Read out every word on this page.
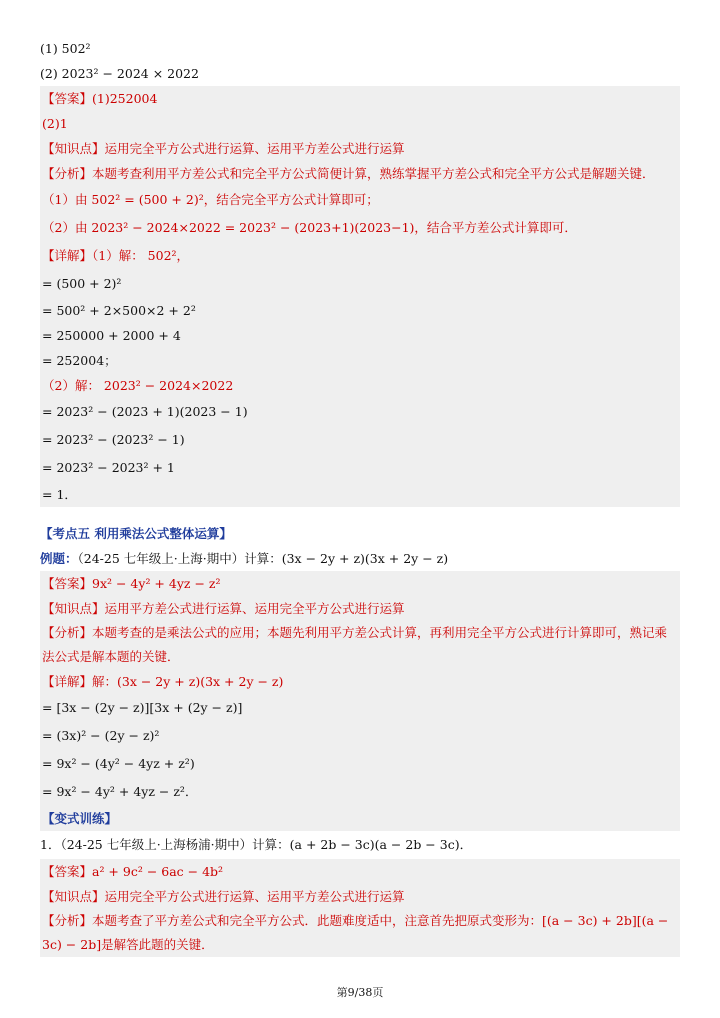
(1) 502²
(2) 2023² − 2024 × 2022
【答案】(1)252004
(2)1
【知识点】运用完全平方公式进行运算、运用平方差公式进行运算
【分析】本题考查利用平方差公式和完全平方公式简便计算，熟练掌握平方差公式和完全平方公式是解题关键．
（1）由 502² = (500 + 2)²，结合完全平方公式计算即可；
（2）由 2023² − 2024×2022 = 2023² − (2023+1)(2023−1)，结合平方差公式计算即可．
【详解】（1）解： 502²，
= (500 + 2)²
= 500² + 2×500×2 + 2²
= 250000 + 2000 + 4
= 252004；
（2）解： 2023² − 2024×2022
= 2023² − (2023 + 1)(2023 − 1)
= 2023² − (2023² − 1)
= 2023² − 2023² + 1
= 1．
【考点五 利用乘法公式整体运算】
例题：（24-25 七年级上·上海·期中）计算：(3x − 2y + z)(3x + 2y − z)
【答案】9x² − 4y² + 4yz − z²
【知识点】运用平方差公式进行运算、运用完全平方公式进行运算
【分析】本题考查的是乘法公式的应用；本题先利用平方差公式计算，再利用完全平方公式进行计算即可，熟记乘法公式是解本题的关键．
【详解】解：(3x − 2y + z)(3x + 2y − z)
= [3x − (2y − z)][3x + (2y − z)]
= (3x)² − (2y − z)²
= 9x² − (4y² − 4yz + z²)
= 9x² − 4y² + 4yz − z²．
【变式训练】
1．（24-25 七年级上·上海杨浦·期中）计算：(a + 2b − 3c)(a − 2b − 3c)．
【答案】a² + 9c² − 6ac − 4b²
【知识点】运用完全平方公式进行运算、运用平方差公式进行运算
【分析】本题考查了平方差公式和完全平方公式．此题难度适中，注意首先把原式变形为：[(a − 3c) + 2b][(a − 3c) − 2b]是解答此题的关键．
第9/38页
